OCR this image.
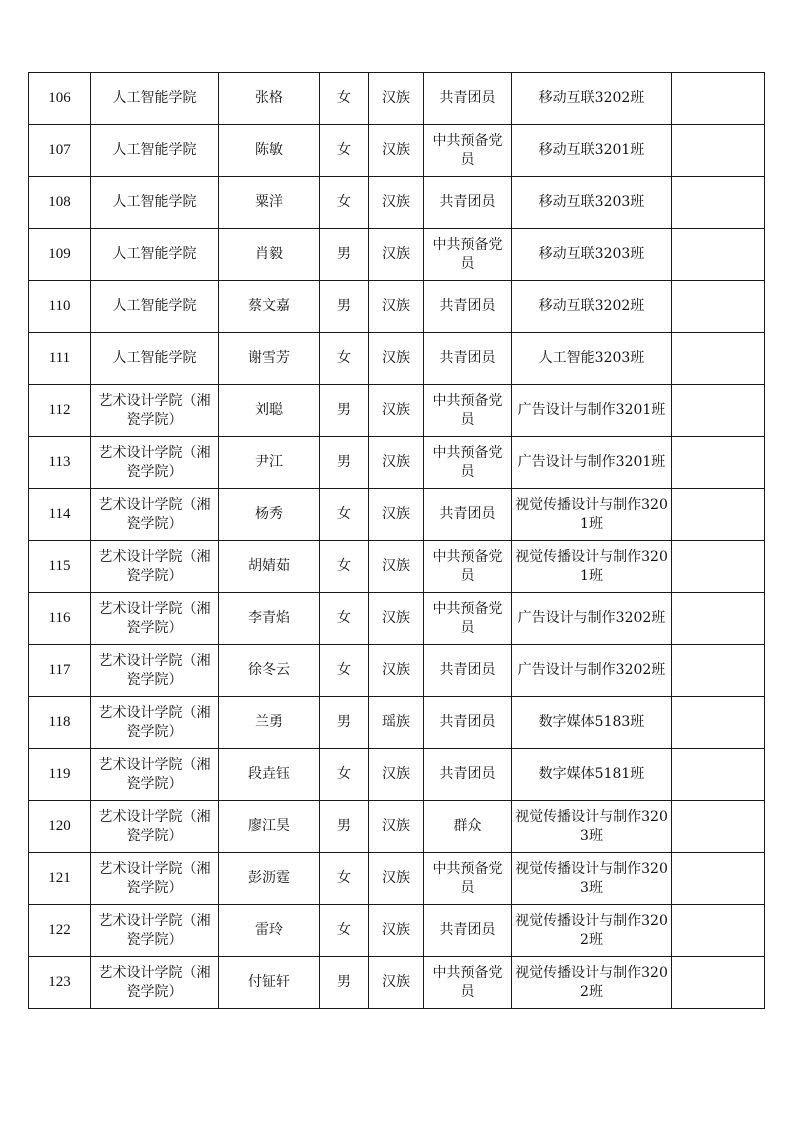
106	人工智能学院	张格	女	汉族	共青团员	移动互联3202班	
107	人工智能学院	陈敏	女	汉族	中共预备党员	移动互联3201班	
108	人工智能学院	粟洋	女	汉族	共青团员	移动互联3203班	
109	人工智能学院	肖毅	男	汉族	中共预备党员	移动互联3203班	
110	人工智能学院	蔡文嘉	男	汉族	共青团员	移动互联3202班	
111	人工智能学院	谢雪芳	女	汉族	共青团员	人工智能3203班	
112	艺术设计学院（湘瓷学院）	刘聪	男	汉族	中共预备党员	广告设计与制作3201班	
113	艺术设计学院（湘瓷学院）	尹江	男	汉族	中共预备党员	广告设计与制作3201班	
114	艺术设计学院（湘瓷学院）	杨秀	女	汉族	共青团员	视觉传播设计与制作3201班	
115	艺术设计学院（湘瓷学院）	胡婧茹	女	汉族	中共预备党员	视觉传播设计与制作3201班	
116	艺术设计学院（湘瓷学院）	李青焰	女	汉族	中共预备党员	广告设计与制作3202班	
117	艺术设计学院（湘瓷学院）	徐冬云	女	汉族	共青团员	广告设计与制作3202班	
118	艺术设计学院（湘瓷学院）	兰勇	男	瑶族	共青团员	数字媒体5183班	
119	艺术设计学院（湘瓷学院）	段垚钰	女	汉族	共青团员	数字媒体5181班	
120	艺术设计学院（湘瓷学院）	廖江昊	男	汉族	群众	视觉传播设计与制作3203班	
121	艺术设计学院（湘瓷学院）	彭沥霆	女	汉族	中共预备党员	视觉传播设计与制作3203班	
122	艺术设计学院（湘瓷学院）	雷玲	女	汉族	共青团员	视觉传播设计与制作3202班	
123	艺术设计学院（湘瓷学院）	付钲轩	男	汉族	中共预备党员	视觉传播设计与制作3202班	
